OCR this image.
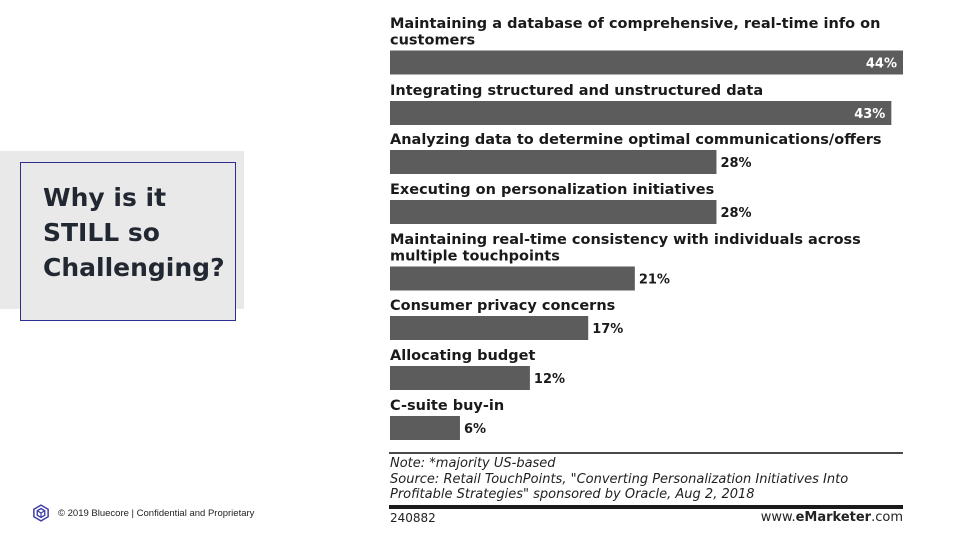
Why is it
STILL so
Challenging?
Maintaining a database of comprehensive, real-time info on
customers
44%
Integrating structured and unstructured data
43%
Analyzing data to determine optimal communications/offers
28%
Executing on personalization initiatives
28%
Maintaining real-time consistency with individuals across
multiple touchpoints
21%
Consumer privacy concerns
17%
Allocating budget
12%
C-suite buy-in
6%
Note: *majority US-based
Source: Retail TouchPoints, "Converting Personalization Initiatives Into
Profitable Strategies" sponsored by Oracle, Aug 2, 2018
240882	www.eMarketer.com
© 2019 Bluecore | Confidential and Proprietary
